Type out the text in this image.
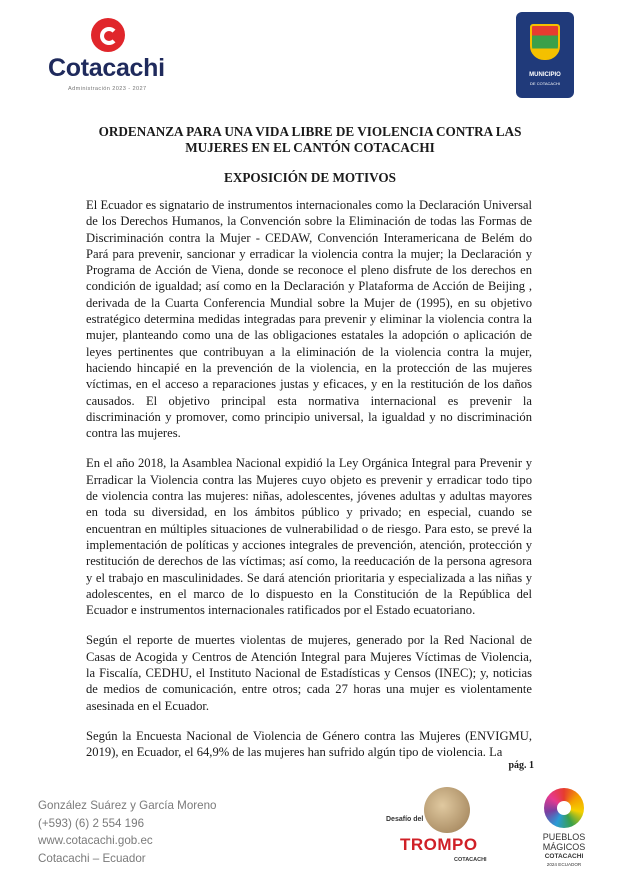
Cotacachi
Administración 2023 - 2027
MUNICIPIO
DE COTACACHI
ORDENANZA PARA UNA VIDA LIBRE DE VIOLENCIA CONTRA LAS MUJERES EN EL CANTÓN COTACACHI
EXPOSICIÓN DE MOTIVOS

El Ecuador es signatario de instrumentos internacionales como la Declaración Universal de los Derechos Humanos, la Convención sobre la Eliminación de todas las Formas de Discriminación contra la Mujer - CEDAW, Convención Interamericana de Belém do Pará para prevenir, sancionar y erradicar la violencia contra la mujer; la Declaración y Programa de Acción de Viena, donde se reconoce el pleno disfrute de los derechos en condición de igualdad; así como en la Declaración y Plataforma de Acción de Beijing , derivada de la Cuarta Conferencia Mundial sobre la Mujer de (1995), en su objetivo estratégico determina medidas integradas para prevenir y eliminar la violencia contra la mujer, planteando como una de las obligaciones estatales la adopción o aplicación de leyes pertinentes que contribuyan a la eliminación de la violencia contra la mujer, haciendo hincapié en la prevención de la violencia, en la protección de las mujeres víctimas, en el acceso a reparaciones justas y eficaces, y en la restitución de los daños causados. El objetivo principal esta normativa internacional es prevenir la discriminación y promover, como principio universal, la igualdad y no discriminación contra las mujeres.

En el año 2018, la Asamblea Nacional expidió la Ley Orgánica Integral para Prevenir y Erradicar la Violencia contra las Mujeres cuyo objeto es prevenir y erradicar todo tipo de violencia contra las mujeres: niñas, adolescentes, jóvenes adultas y adultas mayores en toda su diversidad, en los ámbitos público y privado; en especial, cuando se encuentran en múltiples situaciones de vulnerabilidad o de riesgo. Para esto, se prevé la implementación de políticas y acciones integrales de prevención, atención, protección y restitución de derechos de las víctimas; así como, la reeducación de la persona agresora y el trabajo en masculinidades. Se dará atención prioritaria y especializada a las niñas y adolescentes, en el marco de lo dispuesto en la Constitución de la República del Ecuador e instrumentos internacionales ratificados por el Estado ecuatoriano.

Según el reporte de muertes violentas de mujeres, generado por la Red Nacional de Casas de Acogida y Centros de Atención Integral para Mujeres Víctimas de Violencia, la Fiscalía, CEDHU, el Instituto Nacional de Estadísticas y Censos (INEC); y, noticias de medios de comunicación, entre otros; cada 27 horas una mujer es violentamente asesinada en el Ecuador.

Según la Encuesta Nacional de Violencia de Género contra las Mujeres (ENVIGMU, 2019), en Ecuador, el 64,9% de las mujeres han sufrido algún tipo de violencia. La

pág. 1
González Suárez y García Moreno
(+593) (6) 2 554 196
www.cotacachi.gob.ec
Cotacachi – Ecuador
Desafío del
TROMPO
COTACACHI
PUEBLOS
MÁGICOS
COTACACHI
2024 ECUADOR
